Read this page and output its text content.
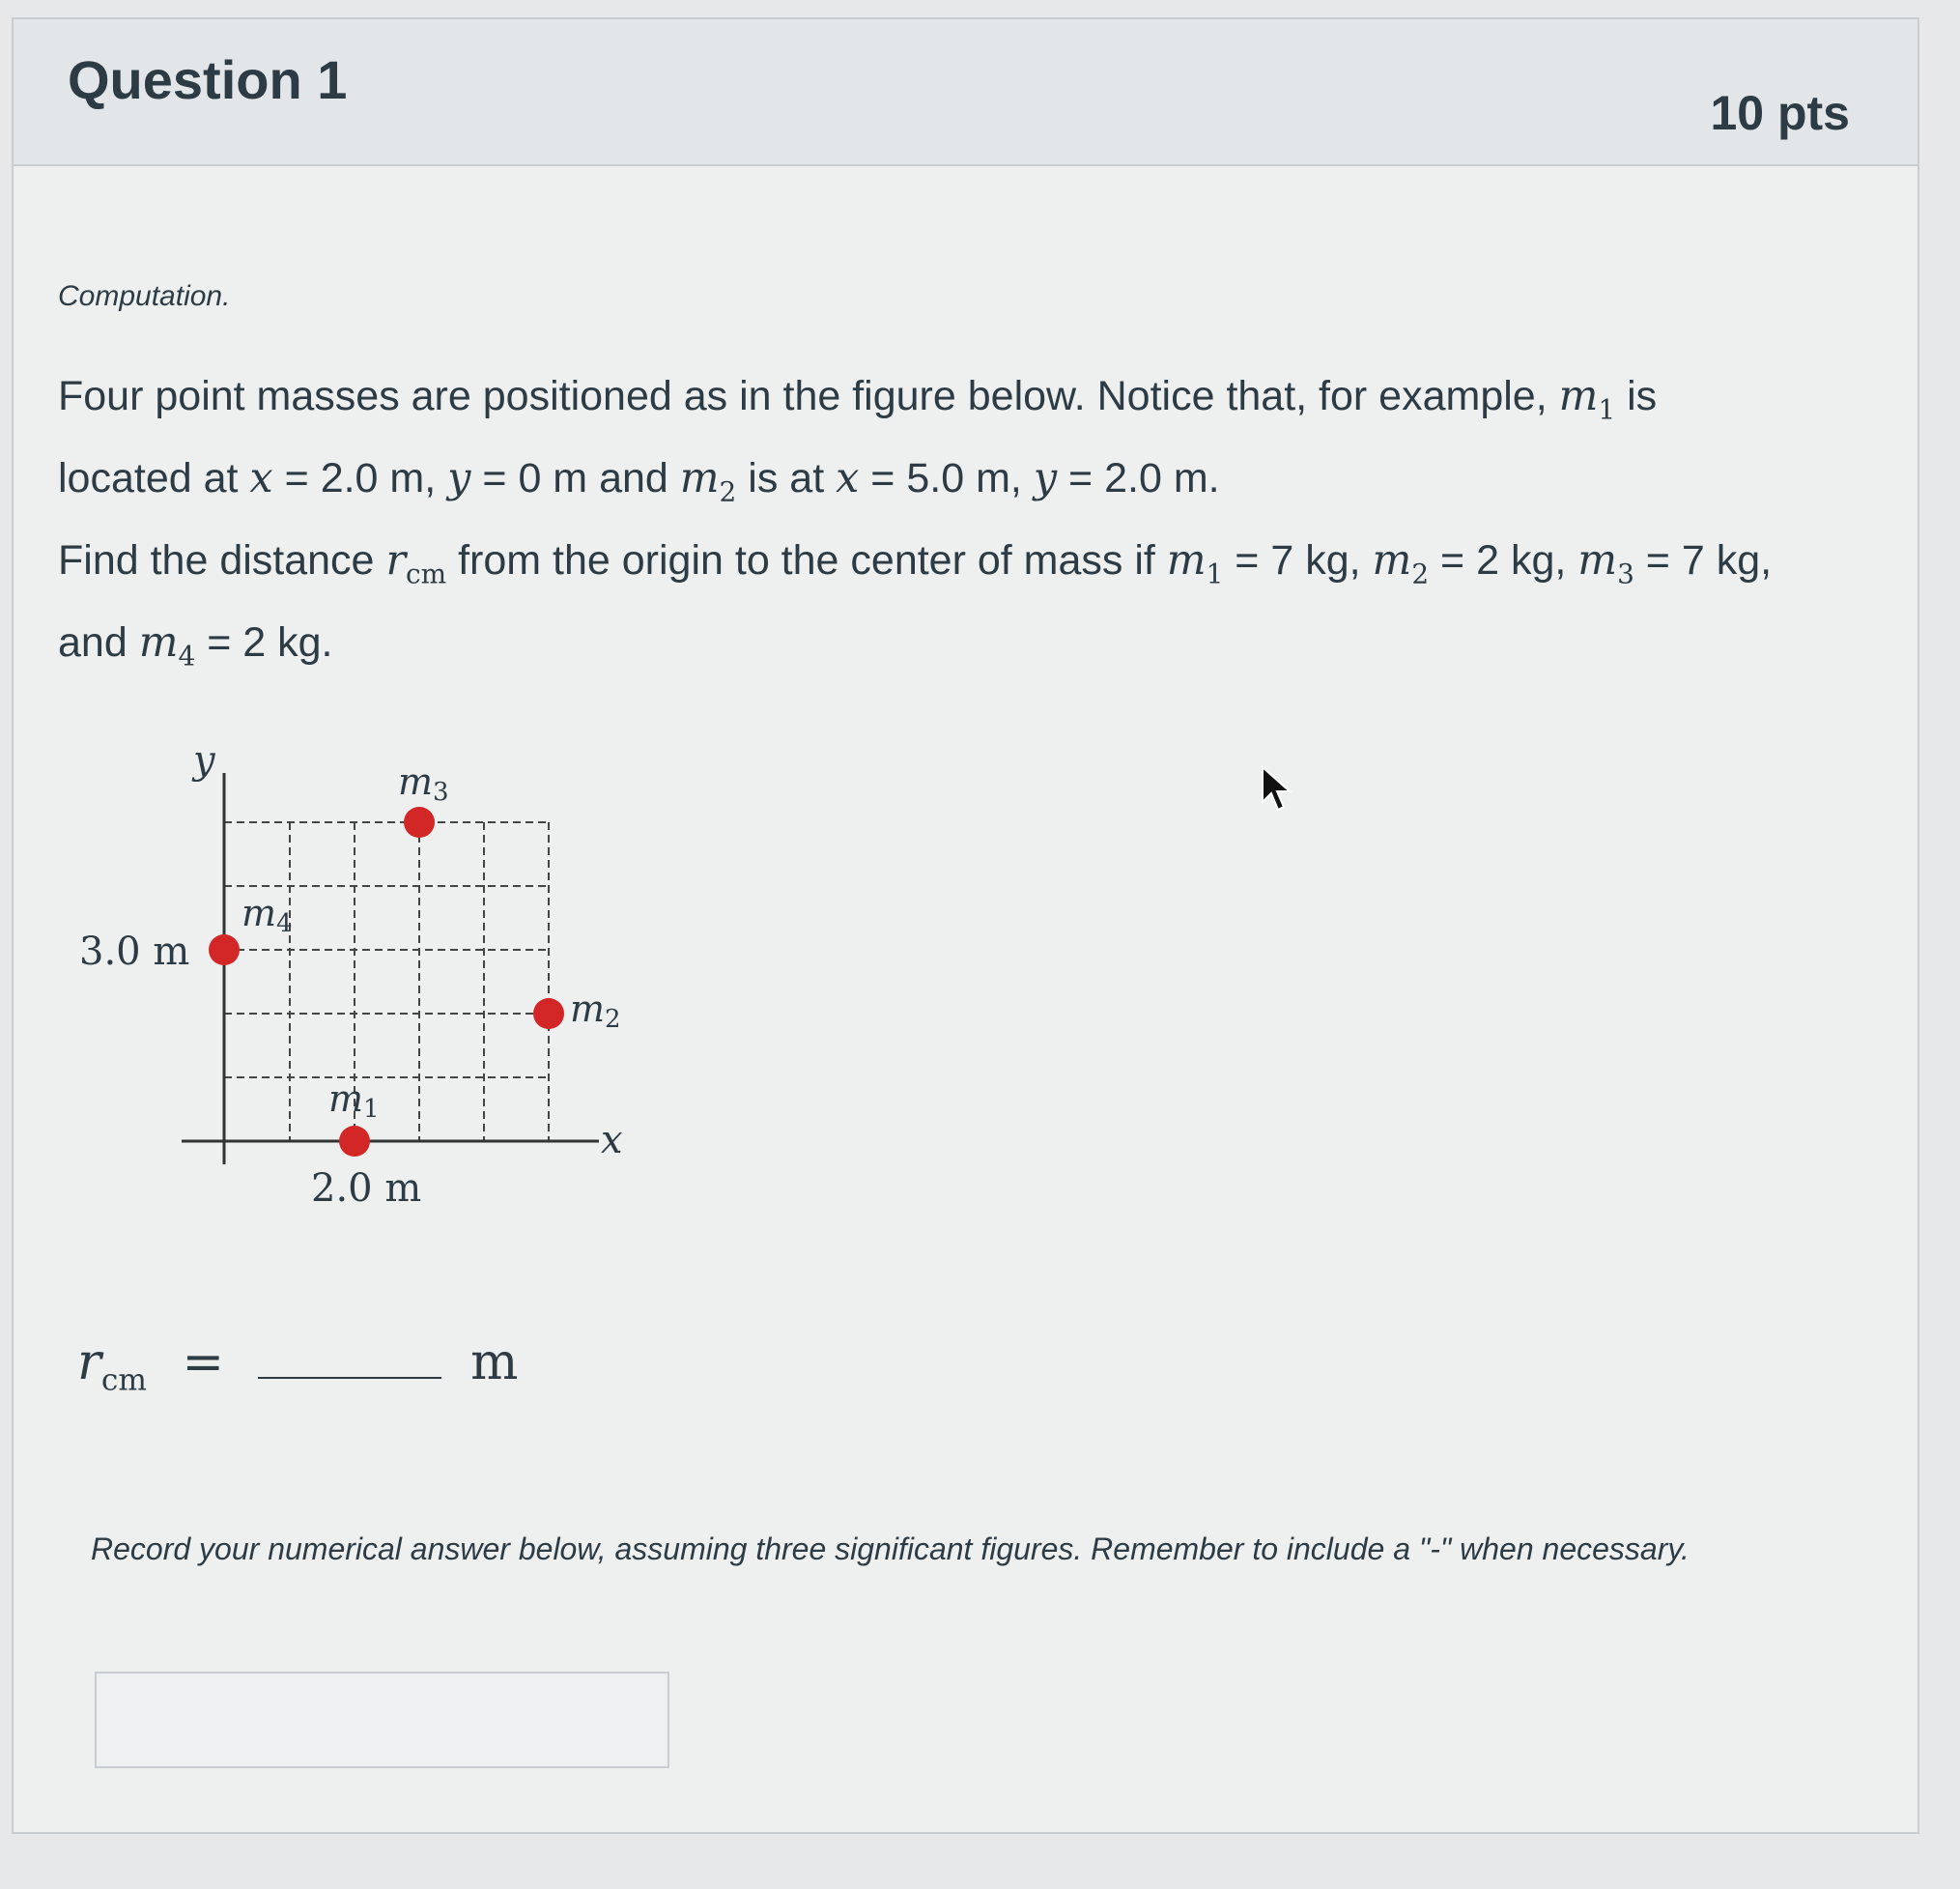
Question 1
10 pts

Computation.

Four point masses are positioned as in the figure below. Notice that, for example, $m_1$ is located at x = 2.0 m, y = 0 m and $m_2$ is at x = 5.0 m, y = 2.0 m.
Find the distance $r_{cm}$ from the origin to the center of mass if $m_1 = 7$ kg, $m_2 = 2$ kg, $m_3 = 7$ kg, and $m_4 = 2$ kg.
y
x
3.0 m
2.0 m
m4
m3
m2
m1
$r_{cm}$ =	m
Record your numerical answer below, assuming three significant figures. Remember to include a "-" when necessary.
